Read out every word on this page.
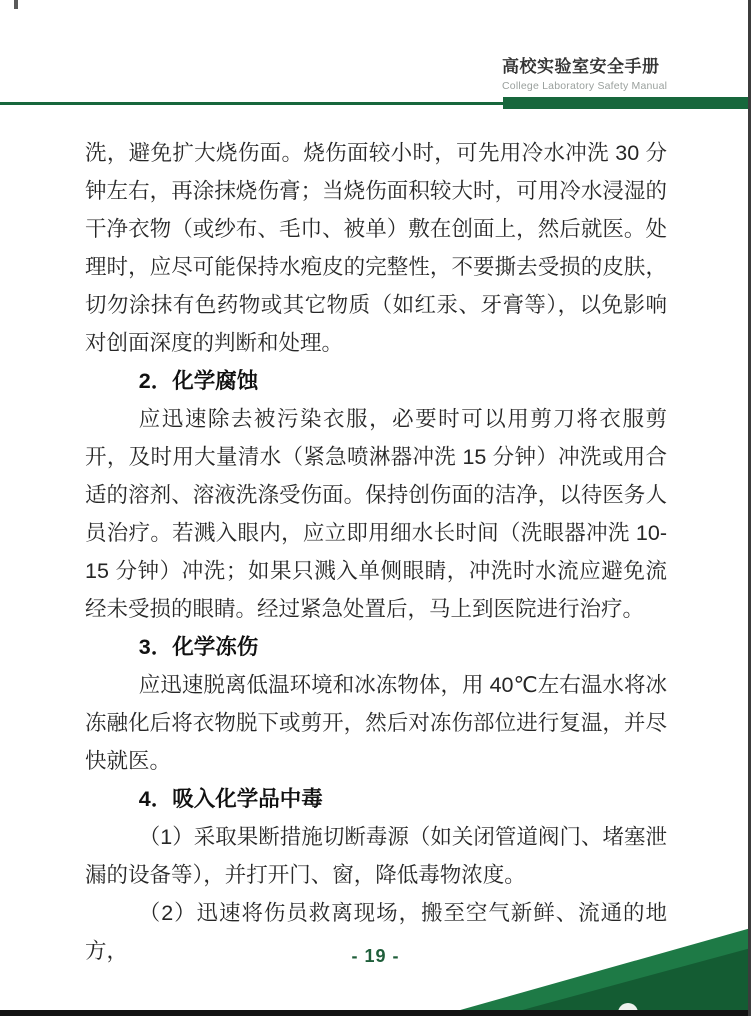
高校实验室安全手册
College Laboratory Safety Manual

洗，避免扩大烧伤面。烧伤面较小时，可先用冷水冲洗 30 分钟左右，再涂抹烧伤膏；当烧伤面积较大时，可用冷水浸湿的干净衣物（或纱布、毛巾、被单）敷在创面上，然后就医。处理时，应尽可能保持水疱皮的完整性，不要撕去受损的皮肤，切勿涂抹有色药物或其它物质（如红汞、牙膏等），以免影响对创面深度的判断和处理。

2．化学腐蚀

应迅速除去被污染衣服，必要时可以用剪刀将衣服剪开，及时用大量清水（紧急喷淋器冲洗 15 分钟）冲洗或用合适的溶剂、溶液洗涤受伤面。保持创伤面的洁净，以待医务人员治疗。若溅入眼内，应立即用细水长时间（洗眼器冲洗 10-15 分钟）冲洗；如果只溅入单侧眼睛，冲洗时水流应避免流经未受损的眼睛。经过紧急处置后，马上到医院进行治疗。

3．化学冻伤

应迅速脱离低温环境和冰冻物体，用 40℃左右温水将冰冻融化后将衣物脱下或剪开，然后对冻伤部位进行复温，并尽快就医。

4．吸入化学品中毒

（1）采取果断措施切断毒源（如关闭管道阀门、堵塞泄漏的设备等），并打开门、窗，降低毒物浓度。

（2）迅速将伤员救离现场，搬至空气新鲜、流通的地方，	- 19 -
